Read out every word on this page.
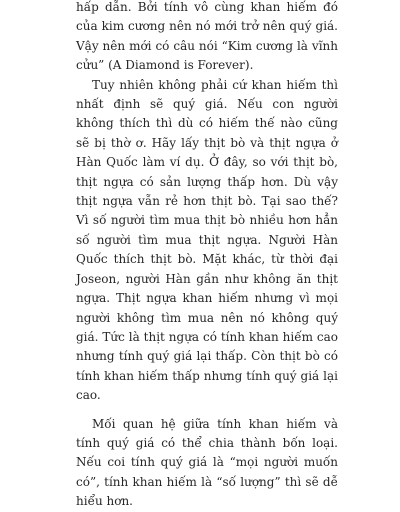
hấp dẫn. Bởi tính vô cùng khan hiếm đó của kim cương nên nó mới trở nên quý giá. Vậy nên mới có câu nói “Kim cương là vĩnh cửu” (A Diamond is Forever).

Tuy nhiên không phải cứ khan hiếm thì nhất định sẽ quý giá. Nếu con người không thích thì dù có hiếm thế nào cũng sẽ bị thờ ơ. Hãy lấy thịt bò và thịt ngựa ở Hàn Quốc làm ví dụ. Ở đây, so với thịt bò, thịt ngựa có sản lượng thấp hơn. Dù vậy thịt ngựa vẫn rẻ hơn thịt bò. Tại sao thế? Vì số người tìm mua thịt bò nhiều hơn hẳn số người tìm mua thịt ngựa. Người Hàn Quốc thích thịt bò. Mặt khác, từ thời đại Joseon, người Hàn gần như không ăn thịt ngựa. Thịt ngựa khan hiếm nhưng vì mọi người không tìm mua nên nó không quý giá. Tức là thịt ngựa có tính khan hiếm cao nhưng tính quý giá lại thấp. Còn thịt bò có tính khan hiếm thấp nhưng tính quý giá lại cao.

Mối quan hệ giữa tính khan hiếm và tính quý giá có thể chia thành bốn loại. Nếu coi tính quý giá là “mọi người muốn có”, tính khan hiếm là “số lượng” thì sẽ dễ hiểu hơn.
